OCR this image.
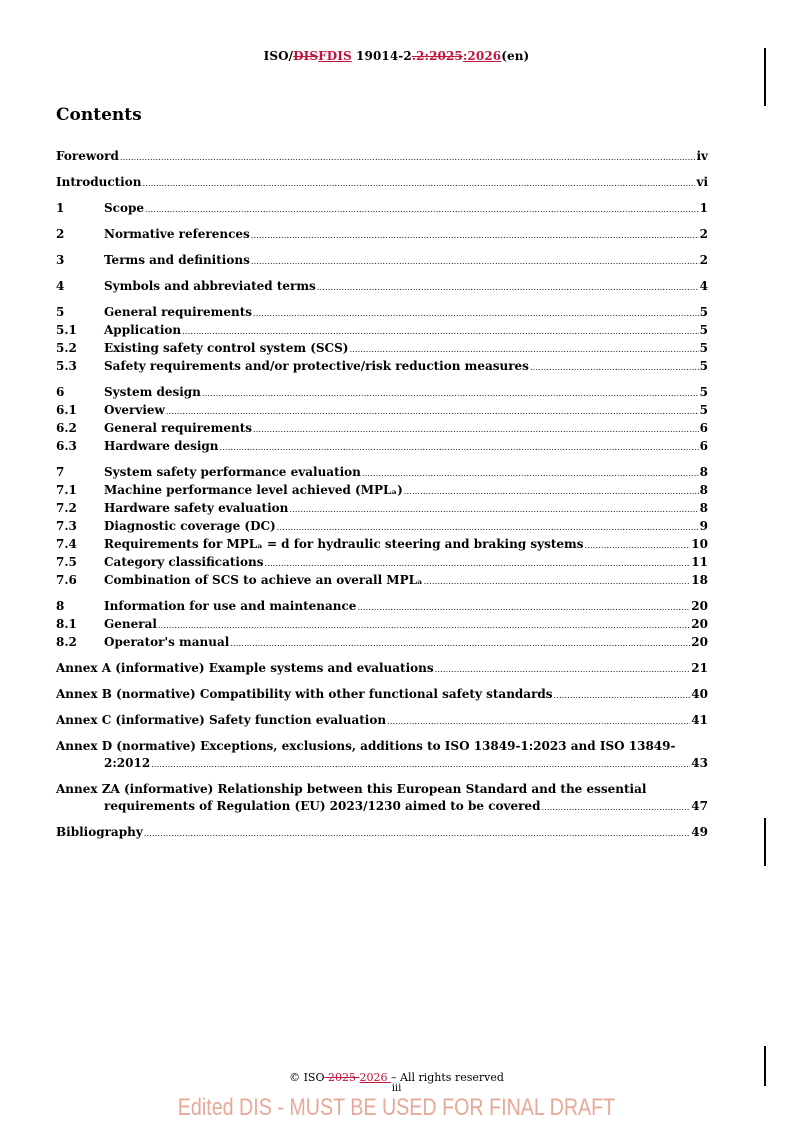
ISO/DISFDIS 19014-2.2:2025:2026(en)
Contents
Foreword .....	iv
Introduction .....	vi
1	Scope .....	1
2	Normative references .....	2
3	Terms and definitions .....	2
4	Symbols and abbreviated terms .....	4
5	General requirements .....	5
5.1	Application .....	5
5.2	Existing safety control system (SCS) .....	5
5.3	Safety requirements and/or protective/risk reduction measures .....	5
6	System design .....	5
6.1	Overview .....	5
6.2	General requirements .....	6
6.3	Hardware design .....	6
7	System safety performance evaluation .....	8
7.1	Machine performance level achieved (MPLₐ) .....	8
7.2	Hardware safety evaluation .....	8
7.3	Diagnostic coverage (DC) .....	9
7.4	Requirements for MPLₐ = d for hydraulic steering and braking systems .....	10
7.5	Category classifications .....	11
7.6	Combination of SCS to achieve an overall MPLₐ .....	18
8	Information for use and maintenance .....	20
8.1	General .....	20
8.2	Operator's manual .....	20
Annex A (informative) Example systems and evaluations .....	21
Annex B (normative) Compatibility with other functional safety standards .....	40
Annex C (informative) Safety function evaluation .....	41
Annex D (normative) Exceptions, exclusions, additions to ISO 13849-1:2023 and ISO 13849-
2:2012 .....	43
Annex ZA (informative) Relationship between this European Standard and the essential
requirements of Regulation (EU) 2023/1230 aimed to be covered .....	47
Bibliography .....	49
© ISO 2025 2026 – All rights reserved
iii
Edited DIS - MUST BE USED FOR FINAL DRAFT
